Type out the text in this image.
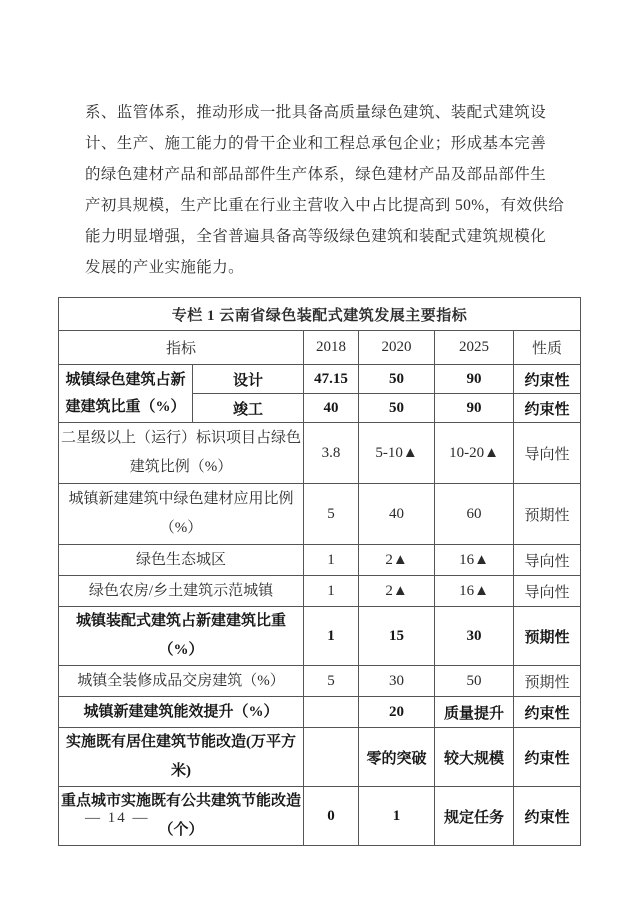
系、监管体系，推动形成一批具备高质量绿色建筑、装配式建筑设
计、生产、施工能力的骨干企业和工程总承包企业；形成基本完善
的绿色建材产品和部品部件生产体系，绿色建材产品及部品部件生
产初具规模，生产比重在行业主营收入中占比提高到 50%，有效供给
能力明显增强，全省普遍具备高等级绿色建筑和装配式建筑规模化
发展的产业实施能力。
专栏 1 云南省绿色装配式建筑发展主要指标					
指标		2018	2020	2025	性质
城镇绿色建筑占新建建筑比重（%）	设计	47.15	50	90	约束性
	竣工	40	50	90	约束性
二星级以上（运行）标识项目占绿色建筑比例（%）		3.8	5-10▲	10-20▲	导向性
城镇新建建筑中绿色建材应用比例（%）		5	40	60	预期性
绿色生态城区		1	2▲	16▲	导向性
绿色农房/乡土建筑示范城镇		1	2▲	16▲	导向性
城镇装配式建筑占新建建筑比重（%）		1	15	30	预期性
城镇全装修成品交房建筑（%）		5	30	50	预期性
城镇新建建筑能效提升（%）			20	质量提升	约束性
实施既有居住建筑节能改造(万平方米)			零的突破	较大规模	约束性
重点城市实施既有公共建筑节能改造（个）		0	1	规定任务	约束性
— 14 —
